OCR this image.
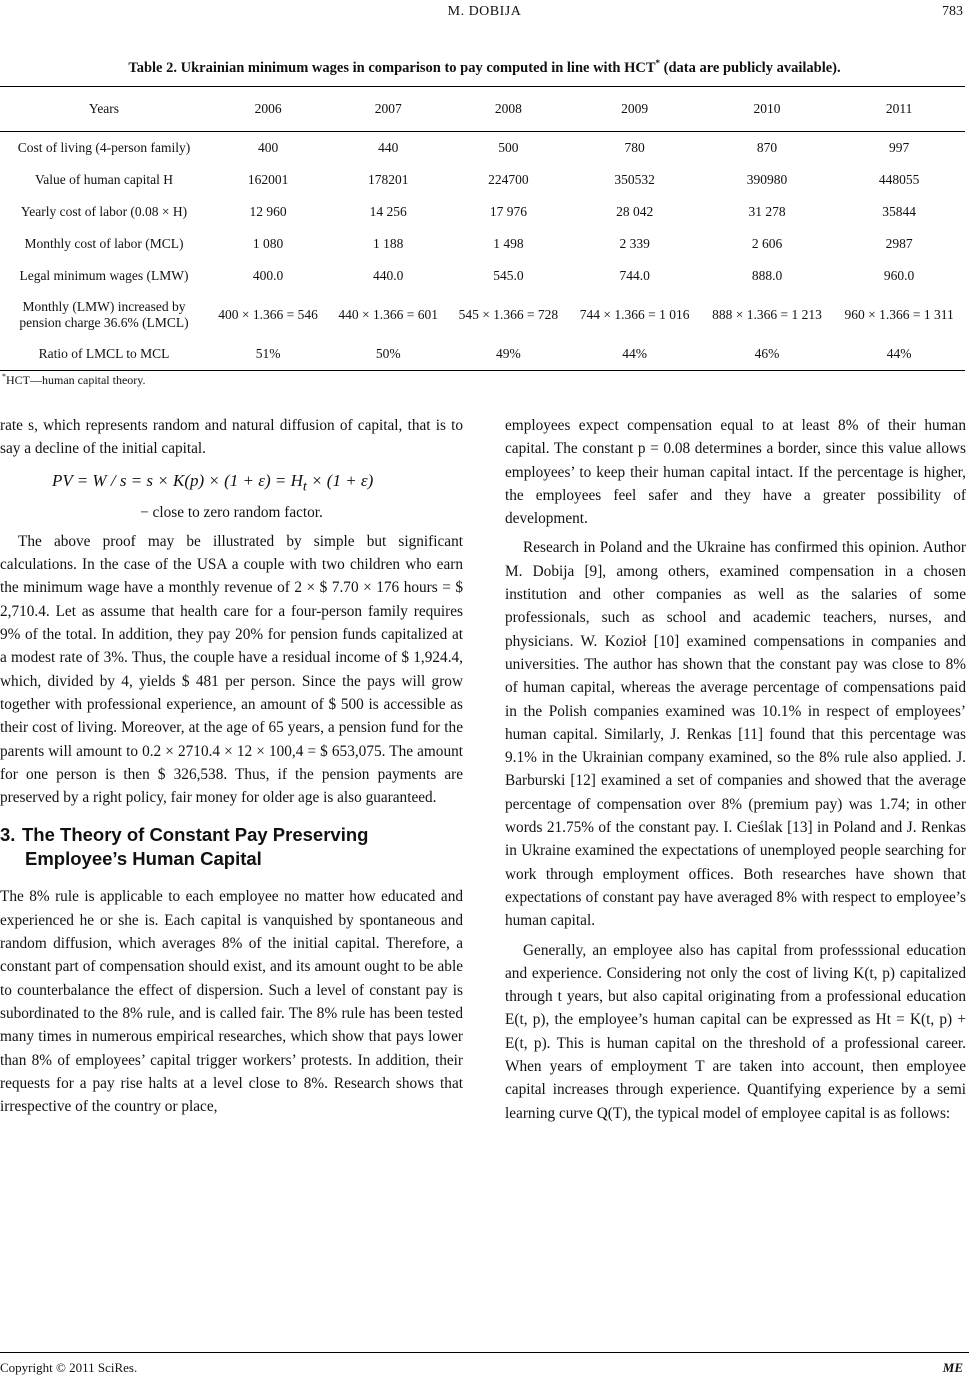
M. DOBIJA	783
Table 2. Ukrainian minimum wages in comparison to pay computed in line with HCT* (data are publicly available).
Years	2006	2007	2008	2009	2010	2011
Cost of living (4-person family)	400	440	500	780	870	997
Value of human capital H	162001	178201	224700	350532	390980	448055
Yearly cost of labor (0.08 × H)	12 960	14 256	17 976	28 042	31 278	35844
Monthly cost of labor (MCL)	1 080	1 188	1 498	2 339	2 606	2987
Legal minimum wages (LMW)	400.0	440.0	545.0	744.0	888.0	960.0
Monthly (LMW) increased by
pension charge 36.6% (LMCL)	400 × 1.366 = 546	440 × 1.366 = 601	545 × 1.366 = 728	744 × 1.366 = 1 016	888 × 1.366 = 1 213	960 × 1.366 = 1 311
Ratio of LMCL to MCL	51%	50%	49%	44%	46%	44%
*HCT—human capital theory.

rate s, which represents random and natural diffusion of capital, that is to say a decline of the initial capital.

PV = $W / s = s \times K(p) \times (1 + \varepsilon) = H_t \times (1 + \varepsilon)$

− close to zero random factor.

The above proof may be illustrated by simple but significant calculations. In the case of the USA a couple with two children who earn the minimum wage have a monthly revenue of 2 × $ 7.70 × 176 hours = $ 2,710.4. Let as assume that health care for a four-person family requires 9% of the total. In addition, they pay 20% for pension funds capitalized at a modest rate of 3%. Thus, the couple have a residual income of $ 1,924.4, which, divided by 4, yields $ 481 per person. Since the pays will grow together with professional experience, an amount of $ 500 is accessible as their cost of living. Moreover, at the age of 65 years, a pension fund for the parents will amount to 0.2 × 2710.4 × 12 × 100,4 = $ 653,075. The amount for one person is then $ 326,538. Thus, if the pension payments are preserved by a right policy, fair money for older age is also guaranteed.

3. The Theory of Constant Pay Preserving
Employee’s Human Capital

The 8% rule is applicable to each employee no matter how educated and experienced he or she is. Each capital is vanquished by spontaneous and random diffusion, which averages 8% of the initial capital. Therefore, a constant part of compensation should exist, and its amount ought to be able to counterbalance the effect of dispersion. Such a level of constant pay is subordinated to the 8% rule, and is called fair. The 8% rule has been tested many times in numerous empirical researches, which show that pays lower than 8% of employees’ capital trigger workers’ protests. In addition, their requests for a pay rise halts at a level close to 8%. Research shows that irrespective of the country or place,

employees expect compensation equal to at least 8% of their human capital. The constant p = 0.08 determines a border, since this value allows employees’ to keep their human capital intact. If the percentage is higher, the employees feel safer and they have a greater possibility of development.

Research in Poland and the Ukraine has confirmed this opinion. Author M. Dobija [9], among others, examined compensation in a chosen institution and other companies as well as the salaries of some professionals, such as school and academic teachers, nurses, and physicians. W. Kozioł [10] examined compensations in companies and universities. The author has shown that the constant pay was close to 8% of human capital, whereas the average percentage of compensations paid in the Polish companies examined was 10.1% in respect of employees’ human capital. Similarly, J. Renkas [11] found that this percentage was 9.1% in the Ukrainian company examined, so the 8% rule also applied. J. Barburski [12] examined a set of companies and showed that the average percentage of compensation over 8% (premium pay) was 1.74; in other words 21.75% of the constant pay. I. Cieślak [13] in Poland and J. Renkas in Ukraine examined the expectations of unemployed people searching for work through employment offices. Both researches have shown that expectations of constant pay have averaged 8% with respect to employee’s human capital.

Generally, an employee also has capital from professsional education and experience. Considering not only the cost of living K(t, p) capitalized through t years, but also capital originating from a professional education E(t, p), the employee’s human capital can be expressed as Ht = K(t, p) + E(t, p). This is human capital on the threshold of a professional career. When years of employment T are taken into account, then employee capital increases through experience. Quantifying experience by a semi learning curve Q(T), the typical model of employee capital is as follows:

Copyright © 2011 SciRes.	ME
